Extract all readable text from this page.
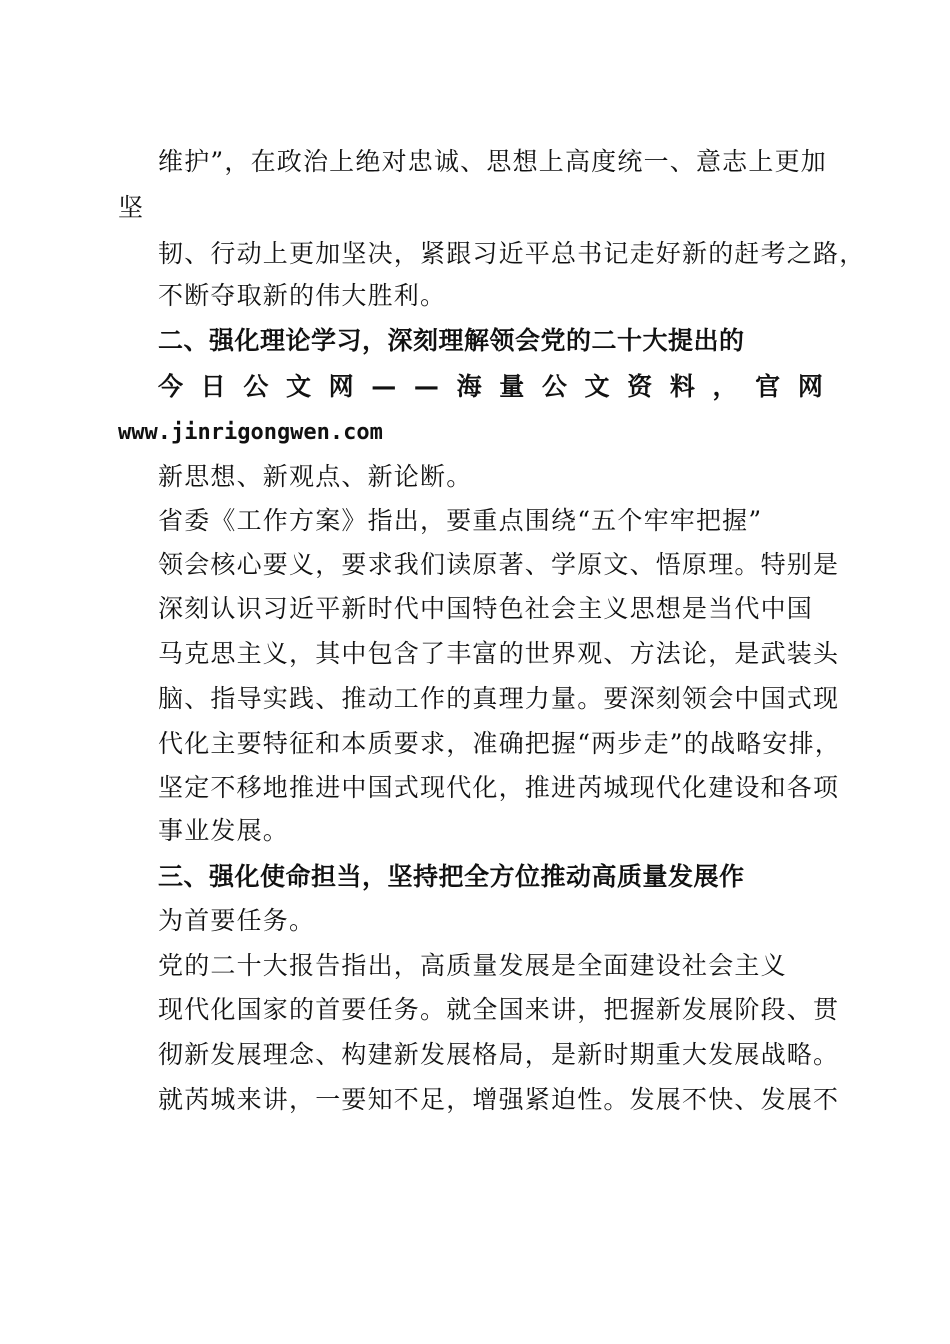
维护”，在政治上绝对忠诚、思想上高度统一、意志上更加
坚
韧、行动上更加坚决，紧跟习近平总书记走好新的赶考之路，
不断夺取新的伟大胜利。
二、强化理论学习，深刻理解领会党的二十大提出的
今 日 公 文 网 — — 海 量 公 文 资 料 ， 官 网
www.jinrigongwen.com
新思想、新观点、新论断。
省委《工作方案》指出，要重点围绕“五个牢牢把握”
领会核心要义，要求我们读原著、学原文、悟原理。特别是
深刻认识习近平新时代中国特色社会主义思想是当代中国
马克思主义，其中包含了丰富的世界观、方法论，是武装头
脑、指导实践、推动工作的真理力量。要深刻领会中国式现
代化主要特征和本质要求，准确把握“两步走”的战略安排，
坚定不移地推进中国式现代化，推进芮城现代化建设和各项
事业发展。
三、强化使命担当，坚持把全方位推动高质量发展作
为首要任务。
党的二十大报告指出，高质量发展是全面建设社会主义
现代化国家的首要任务。就全国来讲，把握新发展阶段、贯
彻新发展理念、构建新发展格局，是新时期重大发展战略。
就芮城来讲，一要知不足，增强紧迫性。发展不快、发展不
